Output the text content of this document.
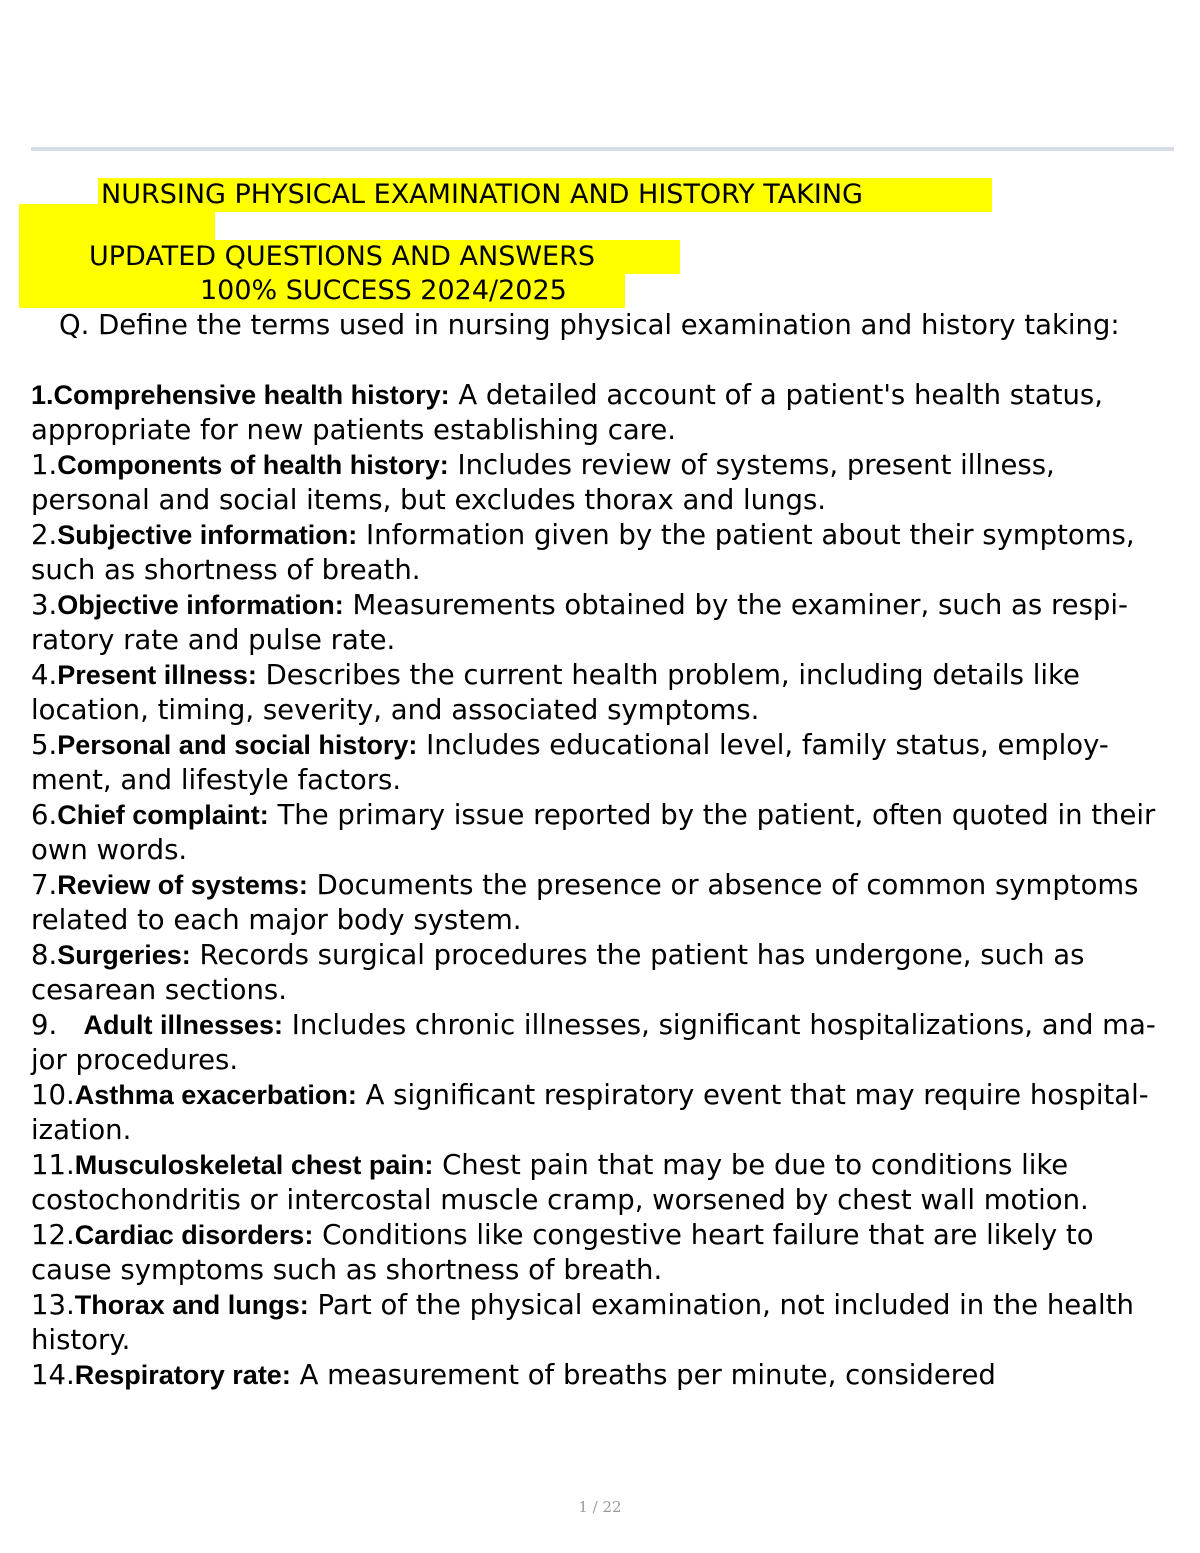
NURSING PHYSICAL EXAMINATION AND HISTORY TAKING
UPDATED QUESTIONS AND ANSWERS
100% SUCCESS 2024/2025

Q. Define the terms used in nursing physical examination and history taking:

1.Comprehensive health history: A detailed account of a patient's health status, appropriate for new patients establishing care.

1.Components of health history: Includes review of systems, present illness, personal and social items, but excludes thorax and lungs.

2.Subjective information: Information given by the patient about their symptoms, such as shortness of breath.

3.Objective information: Measurements obtained by the examiner, such as respi- ratory rate and pulse rate.

4.Present illness: Describes the current health problem, including details like location, timing, severity, and associated symptoms.

5.Personal and social history: Includes educational level, family status, employ- ment, and lifestyle factors.

6.Chief complaint: The primary issue reported by the patient, often quoted in their own words.

7.Review of systems: Documents the presence or absence of common symptoms related to each major body system.

8.Surgeries: Records surgical procedures the patient has undergone, such as cesarean sections.

9.   Adult illnesses: Includes chronic illnesses, significant hospitalizations, and ma- jor procedures.

10.Asthma exacerbation: A significant respiratory event that may require hospital- ization.

11.Musculoskeletal chest pain: Chest pain that may be due to conditions like costochondritis or intercostal muscle cramp, worsened by chest wall motion.

12.Cardiac disorders: Conditions like congestive heart failure that are likely to cause symptoms such as shortness of breath.

13.Thorax and lungs: Part of the physical examination, not included in the health history.

14.Respiratory rate: A measurement of breaths per minute, considered

1 / 22
